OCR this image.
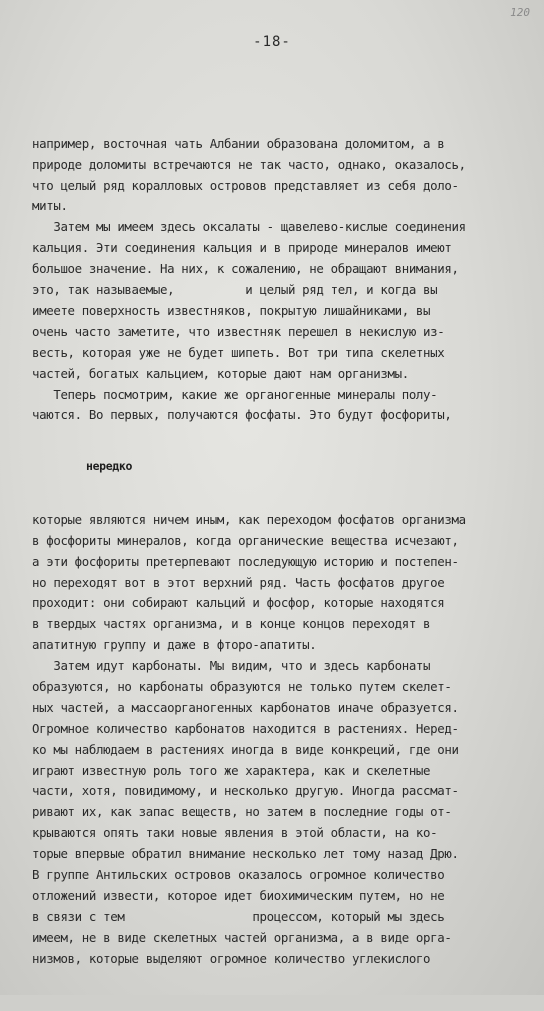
120
-18-

например, восточная чать Албании образована доломитом, а в
природе доломиты встречаются не так часто, однако, оказалось,
что целый ряд коралловых островов представляет из себя доло-
миты.
Затем мы имеем здесь оксалаты - щавелево-кислые соединения
кальция. Эти соединения кальция и в природе минералов имеют
большое значение. На них, к сожалению, не обращают внимания,
это, так называемые,          и целый ряд тел, и когда вы
имеете поверхность известняков, покрытую лишайниками, вы
очень часто заметите, что известняк перешел в некислую из-
весть, которая уже не будет шипеть. Вот три типа скелетных
частей, богатых кальцием, которые дают нам организмы.
Теперь посмотрим, какие же органогенные минералы полу-
чаются. Во первых, получаются фосфаты. Это будут фосфориты,

нередко

которые являются ничем иным, как переходом фосфатов организма
в фосфориты минералов, когда органические вещества исчезают,
а эти фосфориты претерпевают последующую историю и постепен-
но переходят вот в этот верхний ряд. Часть фосфатов другое
проходит: они собирают кальций и фосфор, которые находятся
в твердых частях организма, и в конце концов переходят в
апатитную группу и даже в фторо-апатиты.
Затем идут карбонаты. Мы видим, что и здесь карбонаты
образуются, но карбонаты образуются не только путем скелет-
ных частей, а массаорганогенных карбонатов иначе образуется.
Огромное количество карбонатов находится в растениях. Неред-
ко мы наблюдаем в растениях иногда в виде конкреций, где они
играют известную роль того же характера, как и скелетные
части, хотя, повидимому, и несколько другую. Иногда рассмат-
ривают их, как запас веществ, но затем в последние годы от-
крываются опять таки новые явления в этой области, на ко-
торые впервые обратил внимание несколько лет тому назад Дрю.
В группе Антильских островов оказалось огромное количество
отложений извести, которое идет биохимическим путем, но не
в связи с тем                  процессом, который мы здесь
имеем, не в виде скелетных частей организма, а в виде орга-
низмов, которые выделяют огромное количество углекислого
